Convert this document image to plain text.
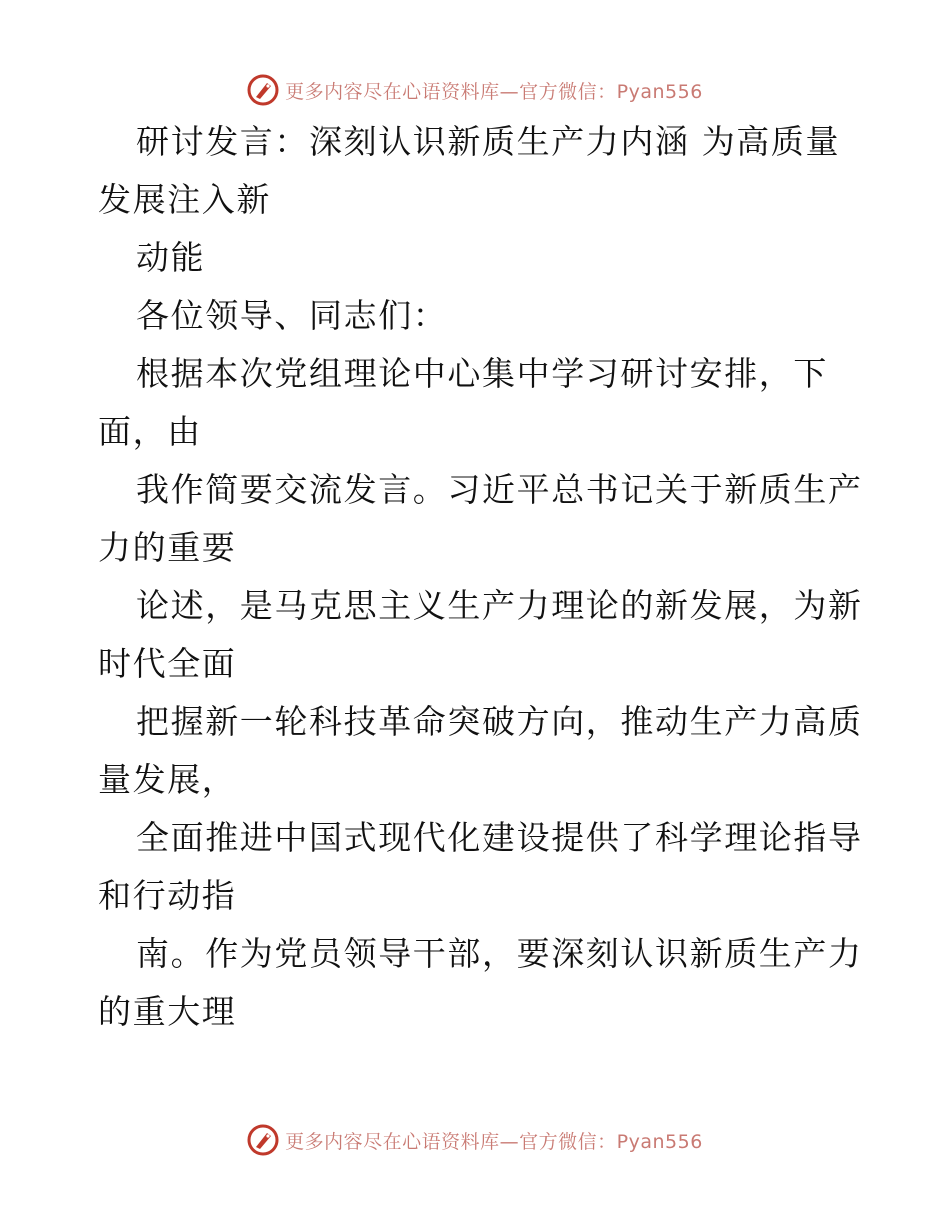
更多内容尽在心语资料库—官方微信：Pyan556
研讨发言：深刻认识新质生产力内涵 为高质量
发展注入新
动能
各位领导、同志们：
根据本次党组理论中心集中学习研讨安排，下
面，由
我作简要交流发言。习近平总书记关于新质生产
力的重要
论述，是马克思主义生产力理论的新发展，为新
时代全面
把握新一轮科技革命突破方向，推动生产力高质
量发展，
全面推进中国式现代化建设提供了科学理论指导
和行动指
南。作为党员领导干部，要深刻认识新质生产力
的重大理
更多内容尽在心语资料库—官方微信：Pyan556
